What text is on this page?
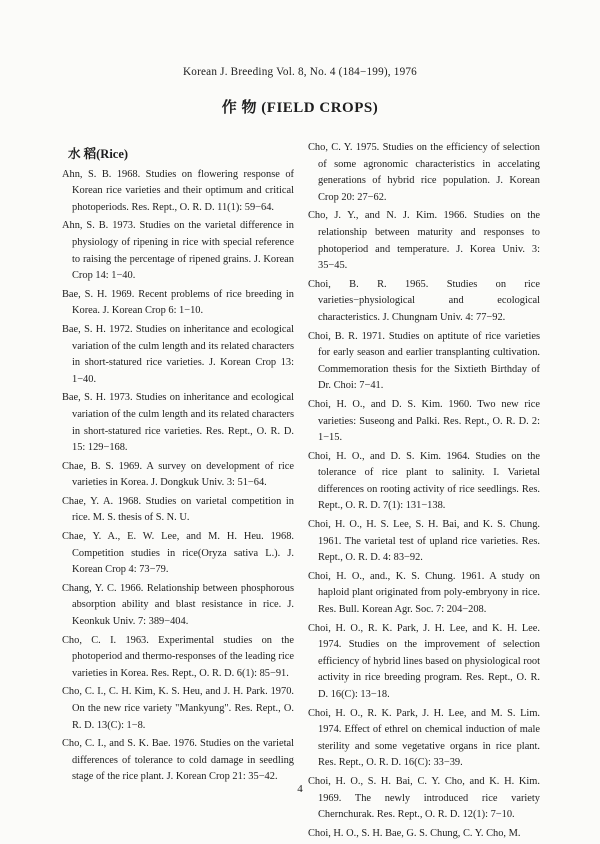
Korean J. Breeding Vol. 8, No. 4 (184−199), 1976
作 物 (FIELD CROPS)
水 稻(Rice)

Ahn, S. B. 1968. Studies on flowering response of Korean rice varieties and their optimum and critical photoperiods. Res. Rept., O. R. D. 11(1): 59−64.

Ahn, S. B. 1973. Studies on the varietal difference in physiology of ripening in rice with special reference to raising the percentage of ripened grains. J. Korean Crop 14: 1−40.

Bae, S. H. 1969. Recent problems of rice breeding in Korea. J. Korean Crop 6: 1−10.

Bae, S. H. 1972. Studies on inheritance and ecological variation of the culm length and its related characters in short-statured rice varieties. J. Korean Crop 13: 1−40.

Bae, S. H. 1973. Studies on inheritance and ecological variation of the culm length and its related characters in short-statured rice varieties. Res. Rept., O. R. D. 15: 129−168.

Chae, B. S. 1969. A survey on development of rice varieties in Korea. J. Dongkuk Univ. 3: 51−64.

Chae, Y. A. 1968. Studies on varietal competition in rice. M. S. thesis of S. N. U.

Chae, Y. A., E. W. Lee, and M. H. Heu. 1968. Competition studies in rice(Oryza sativa L.). J. Korean Crop 4: 73−79.

Chang, Y. C. 1966. Relationship between phosphorous absorption ability and blast resistance in rice. J. Keonkuk Univ. 7: 389−404.

Cho, C. I. 1963. Experimental studies on the photoperiod and thermo-responses of the leading rice varieties in Korea. Res. Rept., O. R. D. 6(1): 85−91.

Cho, C. I., C. H. Kim, K. S. Heu, and J. H. Park. 1970. On the new rice variety "Mankyung". Res. Rept., O. R. D. 13(C): 1−8.

Cho, C. I., and S. K. Bae. 1976. Studies on the varietal differences of tolerance to cold damage in seedling stage of the rice plant. J. Korean Crop 21: 35−42.

Cho, C. Y. 1975. Studies on the efficiency of selection of some agronomic characteristics in accelating generations of hybrid rice population. J. Korean Crop 20: 27−62.

Cho, J. Y., and N. J. Kim. 1966. Studies on the relationship between maturity and responses to photoperiod and temperature. J. Korea Univ. 3: 35−45.

Choi, B. R. 1965. Studies on rice varieties−physiological and ecological characteristics. J. Chungnam Univ. 4: 77−92.

Choi, B. R. 1971. Studies on aptitute of rice varieties for early season and earlier transplanting cultivation. Commemoration thesis for the Sixtieth Birthday of Dr. Choi: 7−41.

Choi, H. O., and D. S. Kim. 1960. Two new rice varieties: Suseong and Palki. Res. Rept., O. R. D. 2: 1−15.

Choi, H. O., and D. S. Kim. 1964. Studies on the tolerance of rice plant to salinity. I. Varietal differences on rooting activity of rice seedlings. Res. Rept., O. R. D. 7(1): 131−138.

Choi, H. O., H. S. Lee, S. H. Bai, and K. S. Chung. 1961. The varietal test of upland rice varieties. Res. Rept., O. R. D. 4: 83−92.

Choi, H. O., and., K. S. Chung. 1961. A study on haploid plant originated from poly-embryony in rice. Res. Bull. Korean Agr. Soc. 7: 204−208.

Choi, H. O., R. K. Park, J. H. Lee, and K. H. Lee. 1974. Studies on the improvement of selection efficiency of hybrid lines based on physiological root activity in rice breeding program. Res. Rept., O. R. D. 16(C): 13−18.

Choi, H. O., R. K. Park, J. H. Lee, and M. S. Lim. 1974. Effect of ethrel on chemical induction of male sterility and some vegetative organs in rice plant. Res. Rept., O. R. D. 16(C): 33−39.

Choi, H. O., S. H. Bai, C. Y. Cho, and K. H. Kim. 1969. The newly introduced rice variety Chernchurak. Res. Rept., O. R. D. 12(1): 7−10.

Choi, H. O., S. H. Bae, G. S. Chung, C. Y. Cho, M.

4
